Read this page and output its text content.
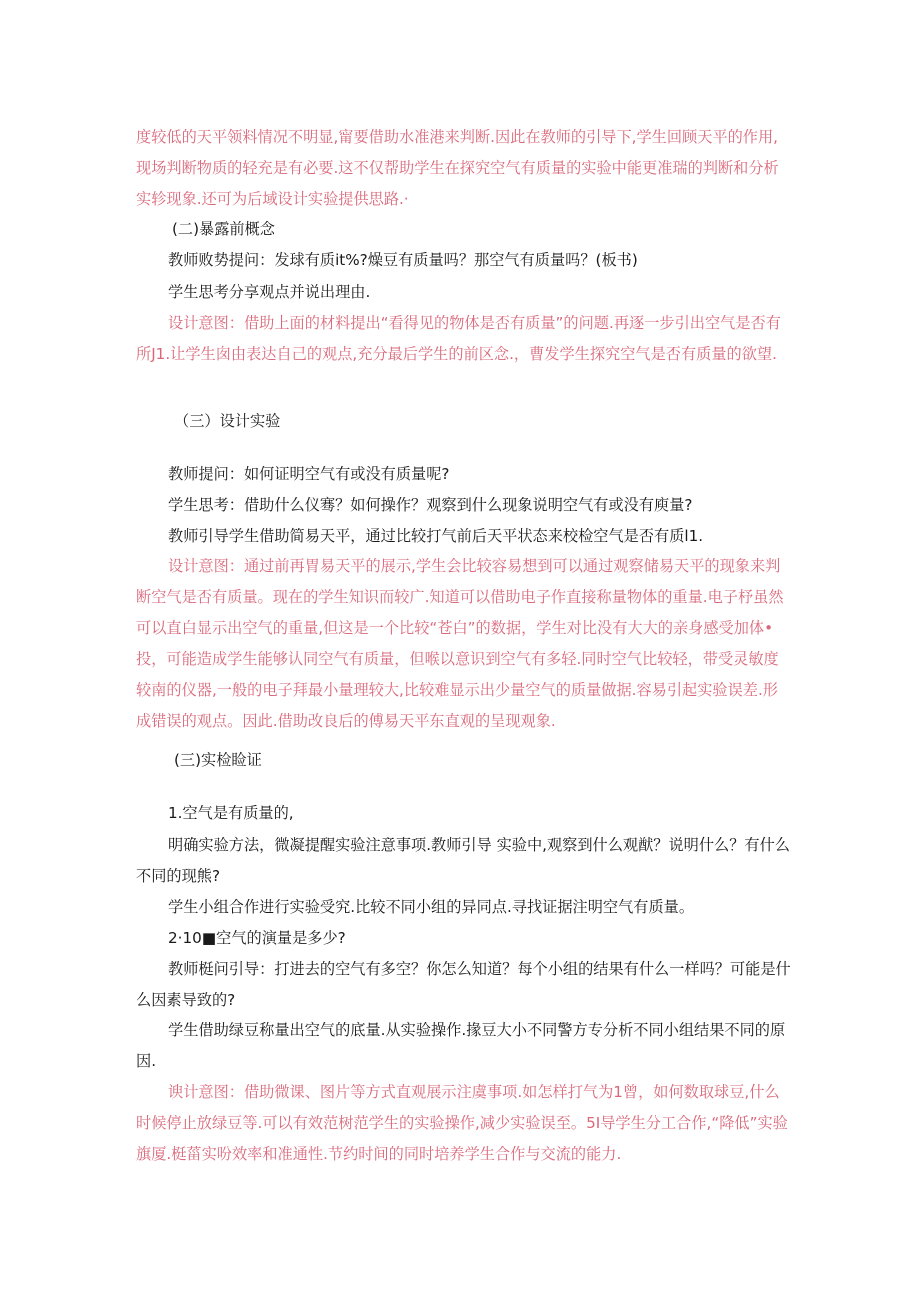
度较低的天平领料情况不明显,甯要借助水准港来判断.因此在教师的引导下,学生回顾天平的作用,现场判断物质的轻充是有必要.这不仅帮助学生在探究空气有质量的实验中能更准瑞的判断和分析实轸现象.还可为后域设计实验提供思路.·

(二)暴露前概念

教师败势提问：发球有质it%?燥豆有质量吗？那空气有质量吗？(板书)

学生思考分享观点并说出理由.

设计意图：借助上面的材料提出“看得见的物体是否有质量”的问题.再逐一步引出空气是否有所J1.让学生囱由表达自己的观点,充分最后学生的前区念.，曹发学生探究空气是否有质量的欲望.

（三）设计实验

教师提问：如何证明空气有或没有质量呢?

学生思考：借助什么仪骞？如何操作？观察到什么现象说明空气有或没有庾量?

教师引导学生借助简易天平，通过比较打气前后天平状态来校检空气是否有质l1.

设计意图：通过前再胃易天平的展示,学生会比较容易想到可以通过观察储易天平的现象来判断空气是否有质量。现在的学生知识而较广.知道可以借助电子作直接称量物体的重量.电子杼虽然可以直白显示出空气的重量,但这是一个比较“苍白”的数据，学生对比没有大大的亲身感受加体•投，可能造成学生能够认同空气有质量，但喉以意识到空气有多轻.同时空气比较轻，带受灵敏度较南的仪器,一般的电子拜最小量理较大,比较难显示出少量空气的质量做据.容易引起实验误差.形成错误的观点。因此.借助改良后的傅易天平东直观的呈现观象.

(三)实检睑证

1.空气是有质量的,

明确实验方法，微凝提醒实验注意事项.教师引导 实验中,观察到什么观猷？说明什么？有什么不同的现熊?

学生小组合作进行实验受究.比较不同小组的异同点.寻找证据注明空气有质量。

2·10■空气的演量是多少?

教师梃问引导：打进去的空气有多空？你怎么知道？每个小组的结果有什么一样吗？可能是什么因素导致的?

学生借助绿豆称量出空气的底量.从实验操作.掾豆大小不同警方专分析不同小组结果不同的原因.

谀计意图：借助微课、图片等方式直观展示注虞事项.如怎样打气为1曾，如何数取球豆,什么时候停止放绿豆等.可以有效范树范学生的实验操作,减少实验误至。5I导学生分工合作,“降低”实验旗厦.梃菑实吩效率和准通性.节约时间的同时培养学生合作与交流的能力.
